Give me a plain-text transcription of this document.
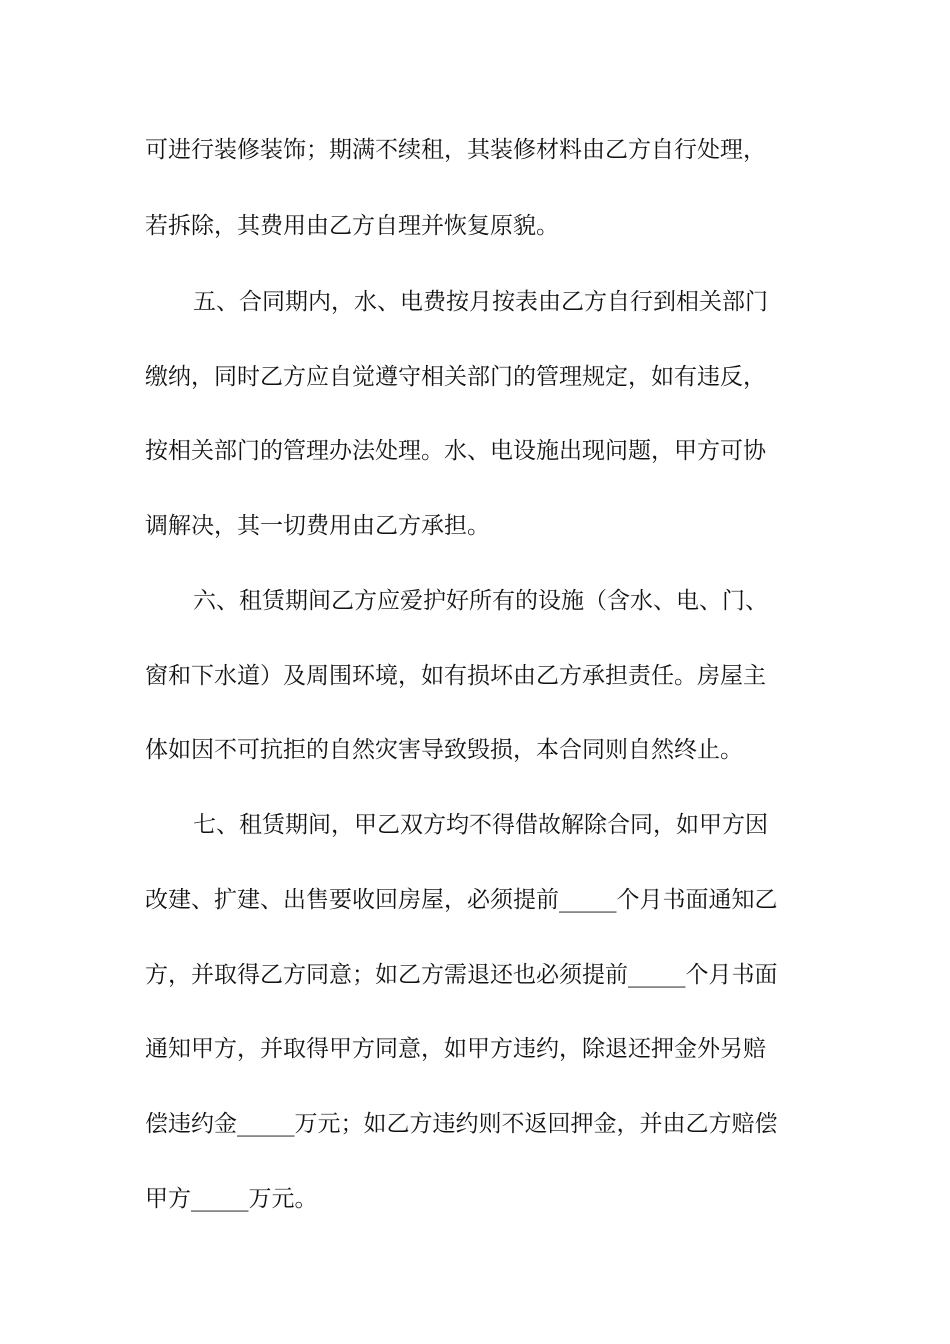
可进行装修装饰；期满不续租，其装修材料由乙方自行处理，
若拆除，其费用由乙方自理并恢复原貌。
五、合同期内，水、电费按月按表由乙方自行到相关部门
缴纳，同时乙方应自觉遵守相关部门的管理规定，如有违反，
按相关部门的管理办法处理。水、电设施出现问题，甲方可协
调解决，其一切费用由乙方承担。
六、租赁期间乙方应爱护好所有的设施（含水、电、门、
窗和下水道）及周围环境，如有损坏由乙方承担责任。房屋主
体如因不可抗拒的自然灾害导致毁损，本合同则自然终止。
七、租赁期间，甲乙双方均不得借故解除合同，如甲方因
改建、扩建、出售要收回房屋，必须提前_____个月书面通知乙
方，并取得乙方同意；如乙方需退还也必须提前_____个月书面
通知甲方，并取得甲方同意，如甲方违约，除退还押金外另赔
偿违约金_____万元；如乙方违约则不返回押金，并由乙方赔偿
甲方_____万元。
